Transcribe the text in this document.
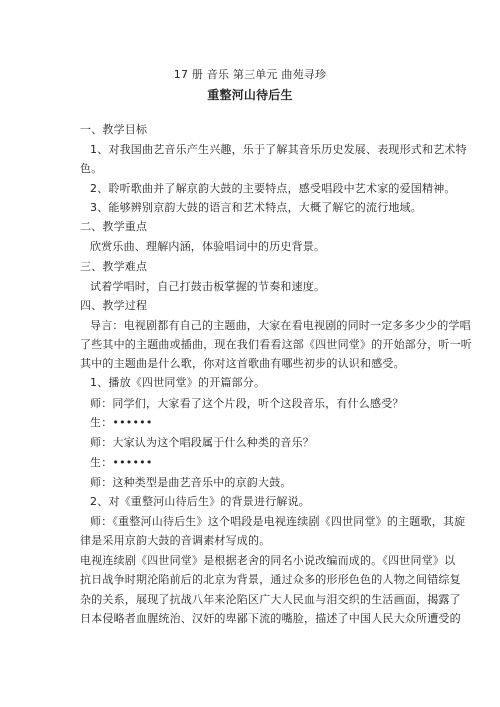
17 册 音乐 第三单元 曲苑寻珍
重整河山待后生
一、教学目标
1、对我国曲艺音乐产生兴趣，乐于了解其音乐历史发展、表现形式和艺术特
色。
2、聆听歌曲并了解京韵大鼓的主要特点，感受唱段中艺术家的爱国精神。
3、能够辨别京韵大鼓的语言和艺术特点，大概了解它的流行地域。
二、教学重点
欣赏乐曲、理解内涵，体验唱词中的历史背景。
三、教学难点
试着学唱时，自己打鼓击板掌握的节奏和速度。
四、教学过程
导言：电视剧都有自己的主题曲，大家在看电视剧的同时一定多多少少的学唱
了些其中的主题曲或插曲，现在我们看看这部《四世同堂》的开始部分，听一听
其中的主题曲是什么歌，你对这首歌曲有哪些初步的认识和感受。
1、播放《四世同堂》的开篇部分。
师：同学们，大家看了这个片段，听个这段音乐，有什么感受？
生：••••••
师：大家认为这个唱段属于什么种类的音乐？
生：••••••
师：这种类型是曲艺音乐中的京韵大鼓。
2、对《重整河山待后生》的背景进行解说。
师：《重整河山待后生》这个唱段是电视连续剧《四世同堂》的主题歌，其旋
律是采用京韵大鼓的音调素材写成的。
电视连续剧《四世同堂》是根据老舍的同名小说改编而成的。《四世同堂》以
抗日战争时期沦陷前后的北京为背景，通过众多的形形色色的人物之间错综复
杂的关系，展现了抗战八年来沦陷区广大人民血与泪交织的生活画面，揭露了
日本侵略者血腥统治、汉奸的卑鄙下流的嘴脸，描述了中国人民大众所遭受的
